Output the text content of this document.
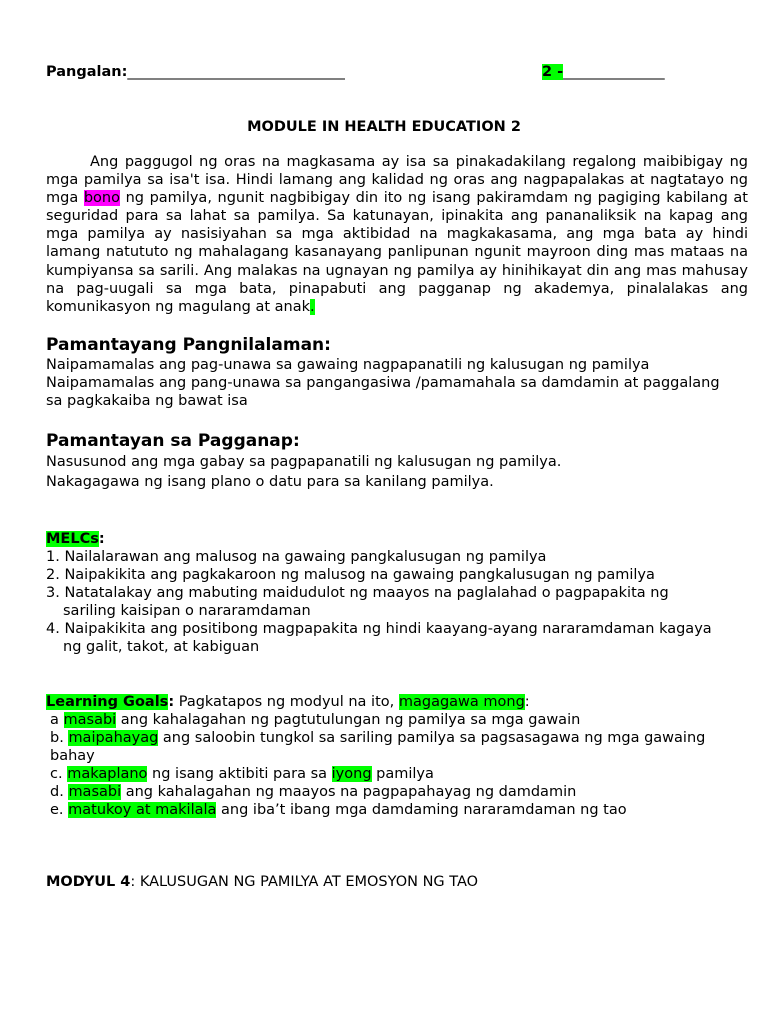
Pangalan:______________________________	2 -______________
MODULE IN HEALTH EDUCATION 2

Ang paggugol ng oras na magkasama ay isa sa pinakadakilang regalong maibibigay ng mga pamilya sa isa't isa. Hindi lamang ang kalidad ng oras ang nagpapalakas at nagtatayo ng mga bono ng pamilya, ngunit nagbibigay din ito ng isang pakiramdam ng pagiging kabilang at seguridad para sa lahat sa pamilya. Sa katunayan, ipinakita ang pananaliksik na kapag ang mga pamilya ay nasisiyahan sa mga aktibidad na magkakasama, ang mga bata ay hindi lamang natututo ng mahalagang kasanayang panlipunan ngunit mayroon ding mas mataas na kumpiyansa sa sarili. Ang malakas na ugnayan ng pamilya ay hinihikayat din ang mas mahusay na pag-uugali sa mga bata, pinapabuti ang pagganap ng akademya, pinalalakas ang komunikasyon ng magulang at anak.

Pamantayang Pangnilalaman:
Naipamamalas ang pag-unawa sa gawaing nagpapanatili ng kalusugan ng pamilya
Naipamamalas ang pang-unawa sa pangangasiwa /pamamahala sa damdamin at paggalang
sa pagkakaiba ng bawat isa
Pamantayan sa Pagganap:
Nasusunod ang mga gabay sa pagpapanatili ng kalusugan ng pamilya.
Nakagagawa ng isang plano o datu para sa kanilang pamilya.
MELCs:
1. Nailalarawan ang malusog na gawaing pangkalusugan ng pamilya
2. Naipakikita ang pagkakaroon ng malusog na gawaing pangkalusugan ng pamilya
3. Natatalakay ang mabuting maidudulot ng maayos na paglalahad o pagpapakita ng
sariling kaisipan o nararamdaman
4. Naipakikita ang positibong magpapakita ng hindi kaayang-ayang nararamdaman kagaya
ng galit, takot, at kabiguan
Learning Goals: Pagkatapos ng modyul na ito, magagawa mong:
a masabi ang kahalagahan ng pagtutulungan ng pamilya sa mga gawain
b. maipahayag ang saloobin tungkol sa sariling pamilya sa pagsasagawa ng mga gawaing
bahay
c. makaplano ng isang aktibiti para sa iyong pamilya
d. masabi ang kahalagahan ng maayos na pagpapahayag ng damdamin
e. matukoy at makilala ang iba’t ibang mga damdaming nararamdaman ng tao
MODYUL 4: KALUSUGAN NG PAMILYA AT EMOSYON NG TAO
